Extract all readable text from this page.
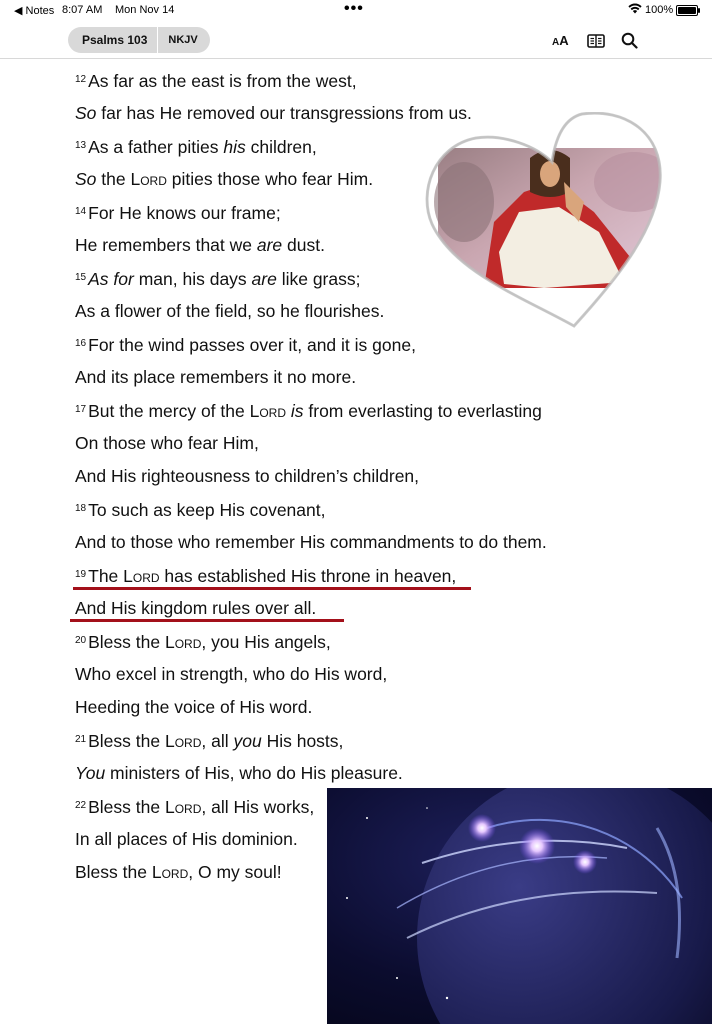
◀ Notes 8:07 AM Mon Nov 14	•••	100%
Psalms 103	NKJV	AA
$^{12}$ As far as the east is from the west,
So far has He removed our transgressions from us.
$^{13}$ As a father pities his children,
So the Lord pities those who fear Him.
$^{14}$ For He knows our frame;
He remembers that we are dust.
$^{15}$ As for man, his days are like grass;
As a flower of the field, so he flourishes.
$^{16}$ For the wind passes over it, and it is gone,
And its place remembers it no more.
$^{17}$ But the mercy of the Lord is from everlasting to everlasting
On those who fear Him,
And His righteousness to children’s children,
$^{18}$ To such as keep His covenant,
And to those who remember His commandments to do them.
$^{19}$ The Lord has established His throne in heaven,
And His kingdom rules over all.
$^{20}$ Bless the Lord, you His angels,
Who excel in strength, who do His word,
Heeding the voice of His word.
$^{21}$ Bless the Lord, all you His hosts,
You ministers of His, who do His pleasure.
$^{22}$ Bless the Lord, all His works,
In all places of His dominion.
Bless the Lord, O my soul!
